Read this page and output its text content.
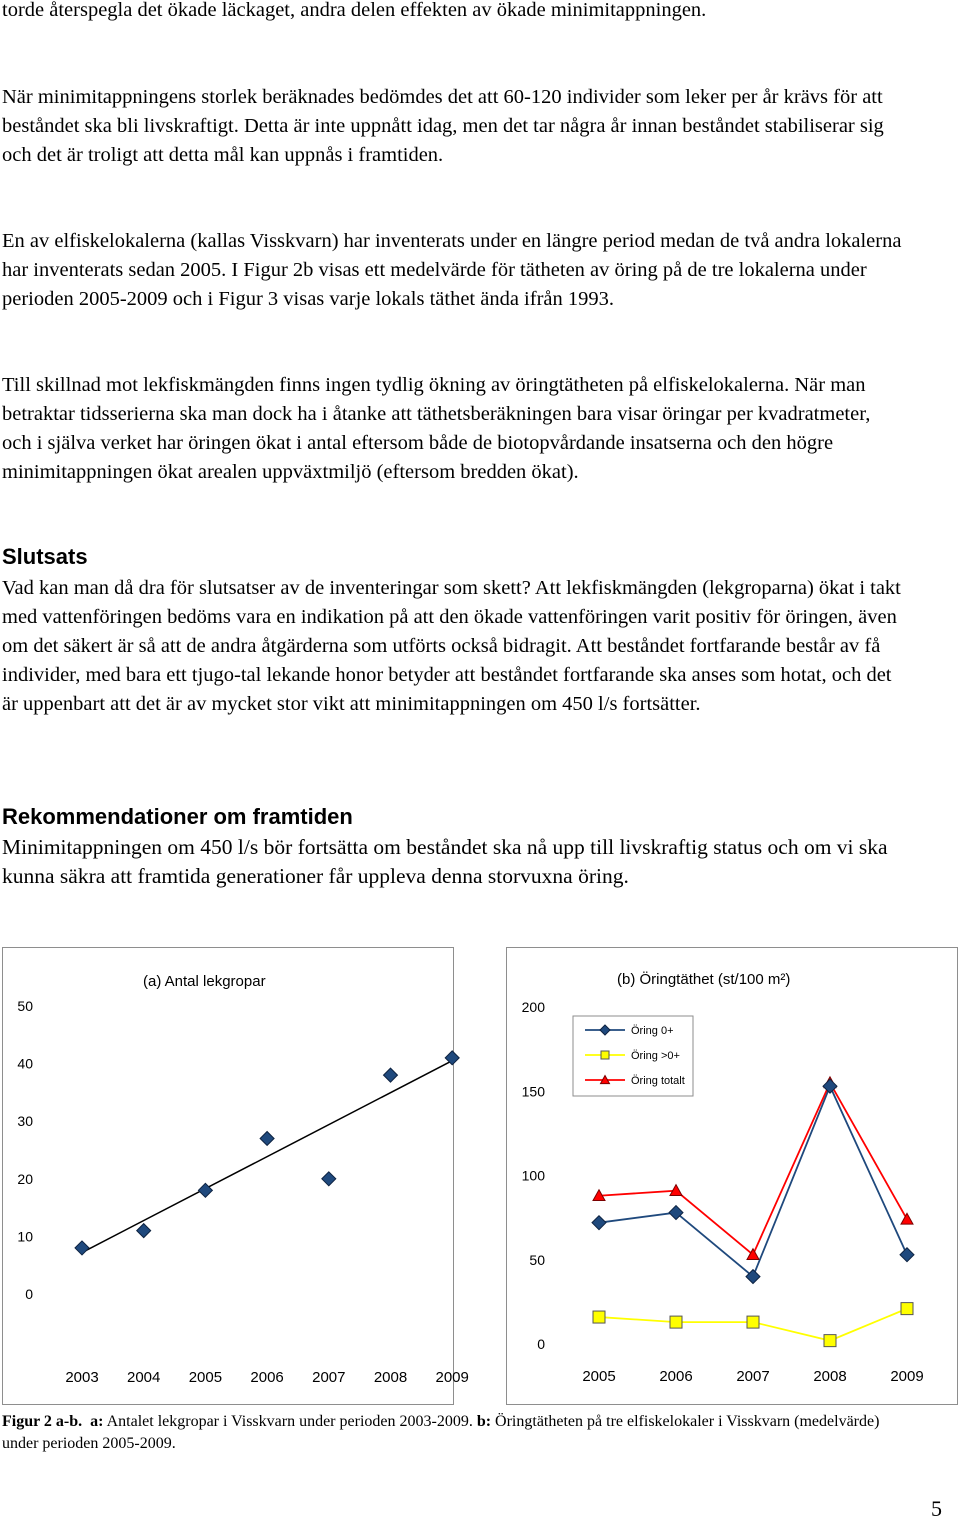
torde återspegla det ökade läckaget, andra delen effekten av ökade minimitappningen.

När minimitappningens storlek beräknades bedömdes det att 60-120 individer som leker per år krävs för att beståndet ska bli livskraftigt. Detta är inte uppnått idag, men det tar några år innan beståndet stabiliserar sig och det är troligt att detta mål kan uppnås i framtiden.

En av elfiskelokalerna (kallas Visskvarn) har inventerats under en längre period medan de två andra lokalerna har inventerats sedan 2005. I Figur 2b visas ett medelvärde för tätheten av öring på de tre lokalerna under perioden 2005-2009 och i Figur 3 visas varje lokals täthet ända ifrån 1993.

Till skillnad mot lekfiskmängden finns ingen tydlig ökning av öringtätheten på elfiskelokalerna. När man betraktar tidsserierna ska man dock ha i åtanke att täthetsberäkningen bara visar öringar per kvadratmeter, och i själva verket har öringen ökat i antal eftersom både de biotopvårdande insatserna och den högre minimitappningen ökat arealen uppväxtmiljö (eftersom bredden ökat).

Slutsats

Vad kan man då dra för slutsatser av de inventeringar som skett? Att lekfiskmängden (lekgroparna) ökat i takt med vattenföringen bedöms vara en indikation på att den ökade vattenföringen varit positiv för öringen, även om det säkert är så att de andra åtgärderna som utförts också bidragit. Att beståndet fortfarande består av få individer, med bara ett tjugo-tal lekande honor betyder att beståndet fortfarande ska anses som hotat, och det är uppenbart att det är av mycket stor vikt att minimitappningen om 450 l/s fortsätter.

Rekommendationer om framtiden

Minimitappningen om 450 l/s bör fortsätta om beståndet ska nå upp till livskraftig status och om vi ska kunna säkra att framtida generationer får uppleva denna storvuxna öring.

(a) Antal lekgropar
50
40
30
20
10
0
2003 2004 2005 2006 2007 2008 2009
(b) Öringtäthet (st/100 m²)
Öring 0+
Öring >0+
Öring totalt
200
150
100
50
0
2005	2006	2007	2008	2009

Figur 2 a-b. a: Antalet lekgropar i Visskvarn under perioden 2003-2009. b: Öringtätheten på tre elfiskelokaler i Visskvarn (medelvärde) under perioden 2005-2009.

5
